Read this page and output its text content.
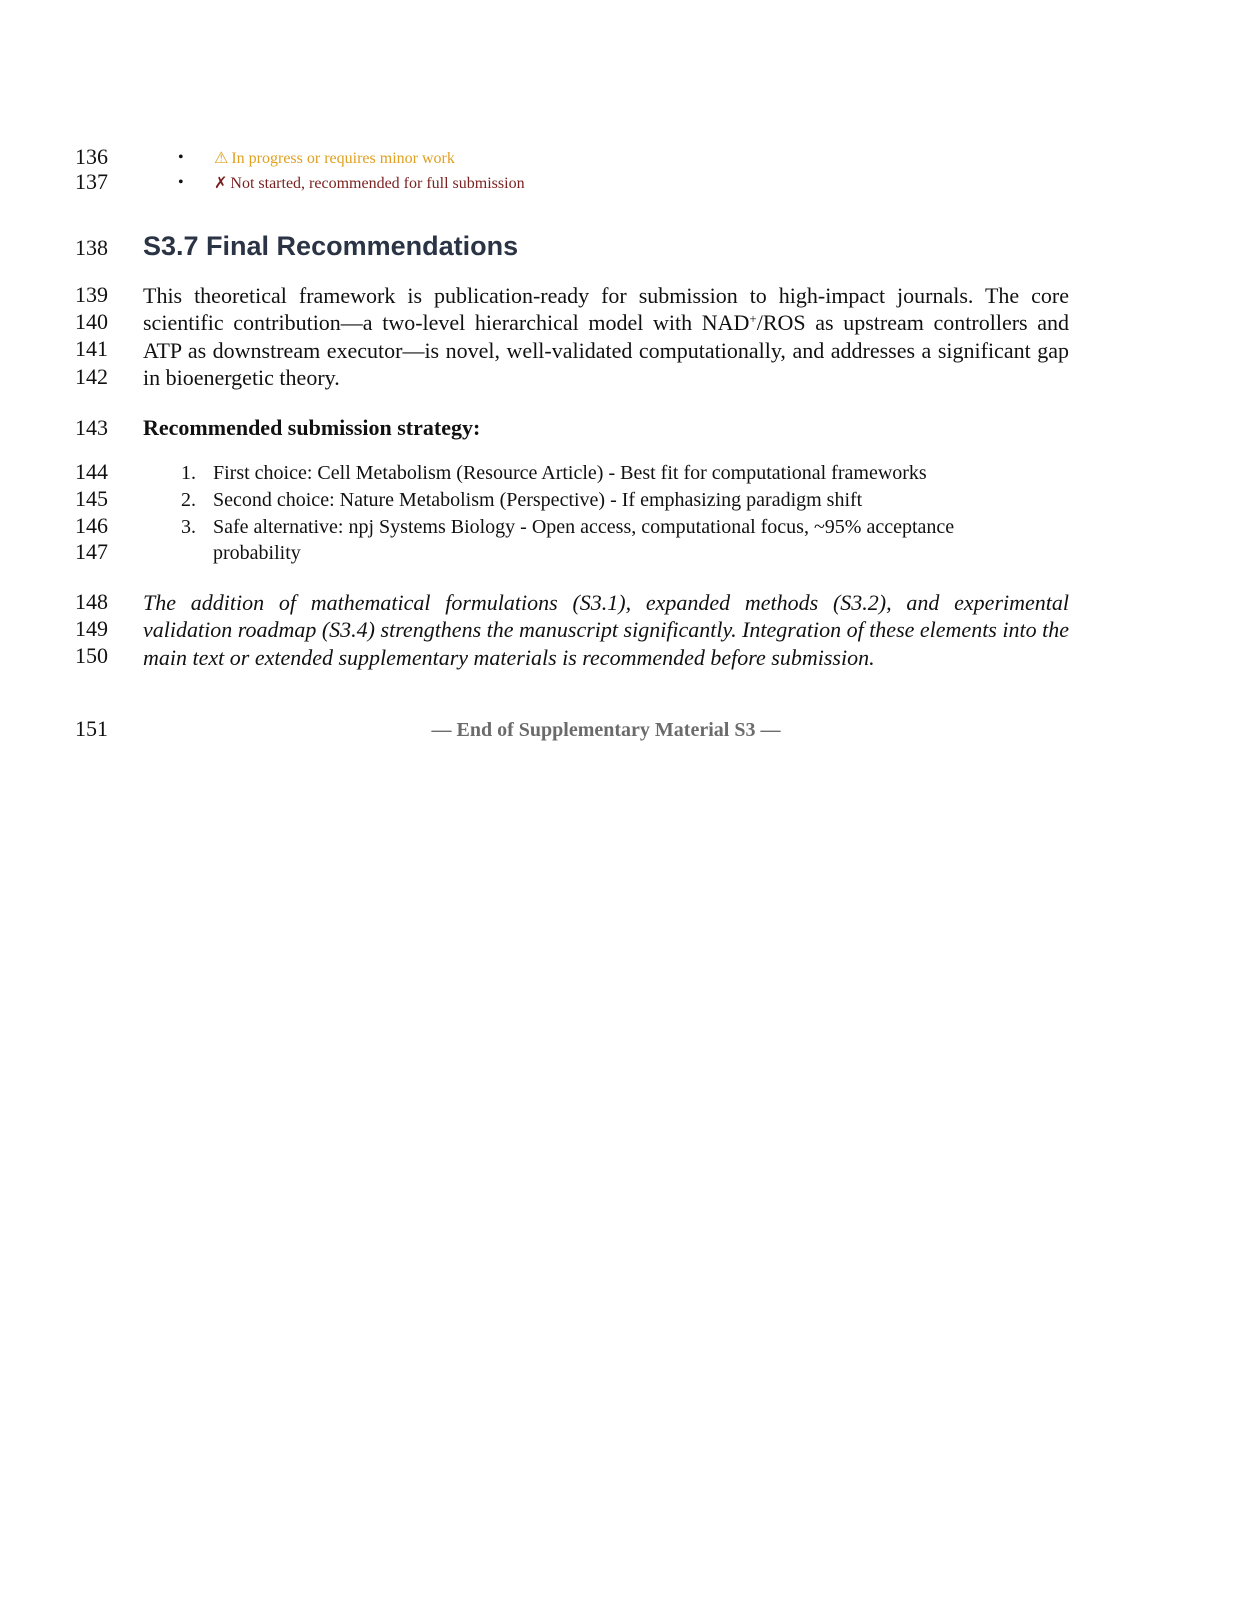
136
137
138
139
140
141
142
143
144
145
146
147
148
149
150
151
• ⚠ In progress or requires minor work
• ✗ Not started, recommended for full submission
S3.7 Final Recommendations
This theoretical framework is publication-ready for submission to high-impact journals. The core scientific contribution—a two-level hierarchical model with NAD+/ROS as upstream controllers and ATP as downstream executor—is novel, well-validated computationally, and addresses a significant gap in bioenergetic theory.
Recommended submission strategy:
1. First choice: Cell Metabolism (Resource Article) - Best fit for computational frameworks
2. Second choice: Nature Metabolism (Perspective) - If emphasizing paradigm shift
3. Safe alternative: npj Systems Biology - Open access, computational focus, ~95% acceptance probability
The addition of mathematical formulations (S3.1), expanded methods (S3.2), and experimental validation roadmap (S3.4) strengthens the manuscript significantly. Integration of these elements into the main text or extended supplementary materials is recommended before submission.
— End of Supplementary Material S3 —
